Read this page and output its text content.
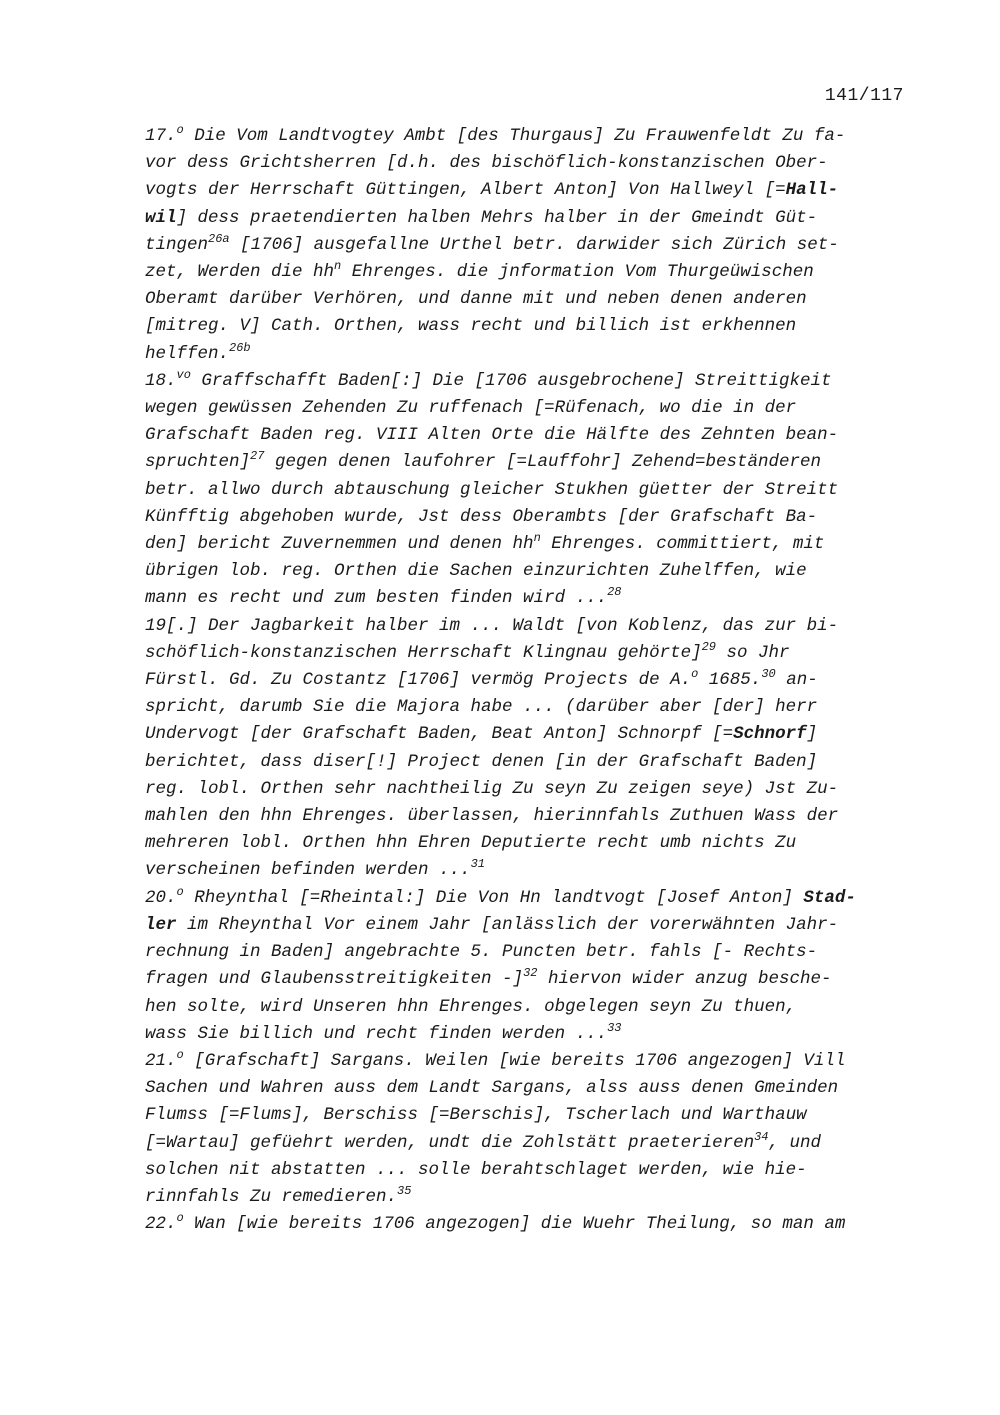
141/117

17.$^o$ Die Vom Landtvogtey Ambt [des Thurgaus] Zu Frauwenfeldt Zu fa-
vor dess Grichtsherren [d.h. des bischöflich-konstanzischen Ober-
vogts der Herrschaft Güttingen, Albert Anton] Von Hallweyl [=Hall-
wil] dess praetendierten halben Mehrs halber in der Gmeindt Güt-
tingen$^{26a}$ [1706] ausgefallne Urthel betr. darwider sich Zürich set-
zet, Werden die $hh^n$ Ehrenges. die jnformation Vom Thurgeüwischen
Oberamt darüber Verhören, und danne mit und neben denen anderen
[mitreg. V] Cath. Orthen, wass recht und billich ist erkhennen
helffen.$^{26b}$

18.$^{vo}$ Graffschafft Baden[:] Die [1706 ausgebrochene] Streittigkeit
wegen gewüssen Zehenden Zu ruffenach [=Rüfenach, wo die in der
Grafschaft Baden reg. VIII Alten Orte die Hälfte des Zehnten bean-
spruchten]$^{27}$ gegen denen laufohrer [=Lauffohr] Zehend=beständeren
betr. allwo durch abtauschung gleicher Stukhen güetter der Streitt
Künfftig abgehoben wurde, Jst dess Oberambts [der Grafschaft Ba-
den] bericht Zuvernemmen und denen $hh^n$ Ehrenges. committiert, mit
übrigen lob. reg. Orthen die Sachen einzurichten Zuhelffen, wie
mann es recht und zum besten finden wird ...$^{28}$

19[.] Der Jagbarkeit halber im ... Waldt [von Koblenz, das zur bi-
schöflich-konstanzischen Herrschaft Klingnau gehörte]$^{29}$ so Jhr
Fürstl. Gd. Zu Costantz [1706] vermög Projects de A.$^o$ 1685.30 an-
spricht, darumb Sie die Majora habe ... (darüber aber [der] herr
Undervogt [der Grafschaft Baden, Beat Anton] Schnorpf [=Schnorf]
berichtet, dass diser[!] Project denen [in der Grafschaft Baden]
reg. lobl. Orthen sehr nachtheilig Zu seyn Zu zeigen seye) Jst Zu-
mahlen den hhn Ehrenges. überlassen, hierinnfahls Zuthuen Wass der
mehreren lobl. Orthen hhn Ehren Deputierte recht umb nichts Zu
verscheinen befinden werden ...$^{31}$

20.$^o$ Rheynthal [=Rheintal:] Die Von Hn landtvogt [Josef Anton] Stad-
ler im Rheynthal Vor einem Jahr [anlässlich der vorerwähnten Jahr-
rechnung in Baden] angebrachte 5. Puncten betr. fahls [- Rechts-
fragen und Glaubensstreitigkeiten -]$^{32}$ hiervon wider anzug besche-
hen solte, wird Unseren hhn Ehrenges. obgelegen seyn Zu thuen,
wass Sie billich und recht finden werden ...$^{33}$

21.$^o$ [Grafschaft] Sargans. Weilen [wie bereits 1706 angezogen] Vill
Sachen und Wahren auss dem Landt Sargans, alss auss denen Gmeinden
Flumss [=Flums], Berschiss [=Berschis], Tscherlach und Warthauw
[=Wartau] gefüehrt werden, undt die Zohlstätt praeterieren$^{34}$, und
solchen nit abstatten ... solle berahtschlaget werden, wie hie-
rinnfahls Zu remedieren.$^{35}$

22.$^o$ Wan [wie bereits 1706 angezogen] die Wuehr Theilung, so man am
